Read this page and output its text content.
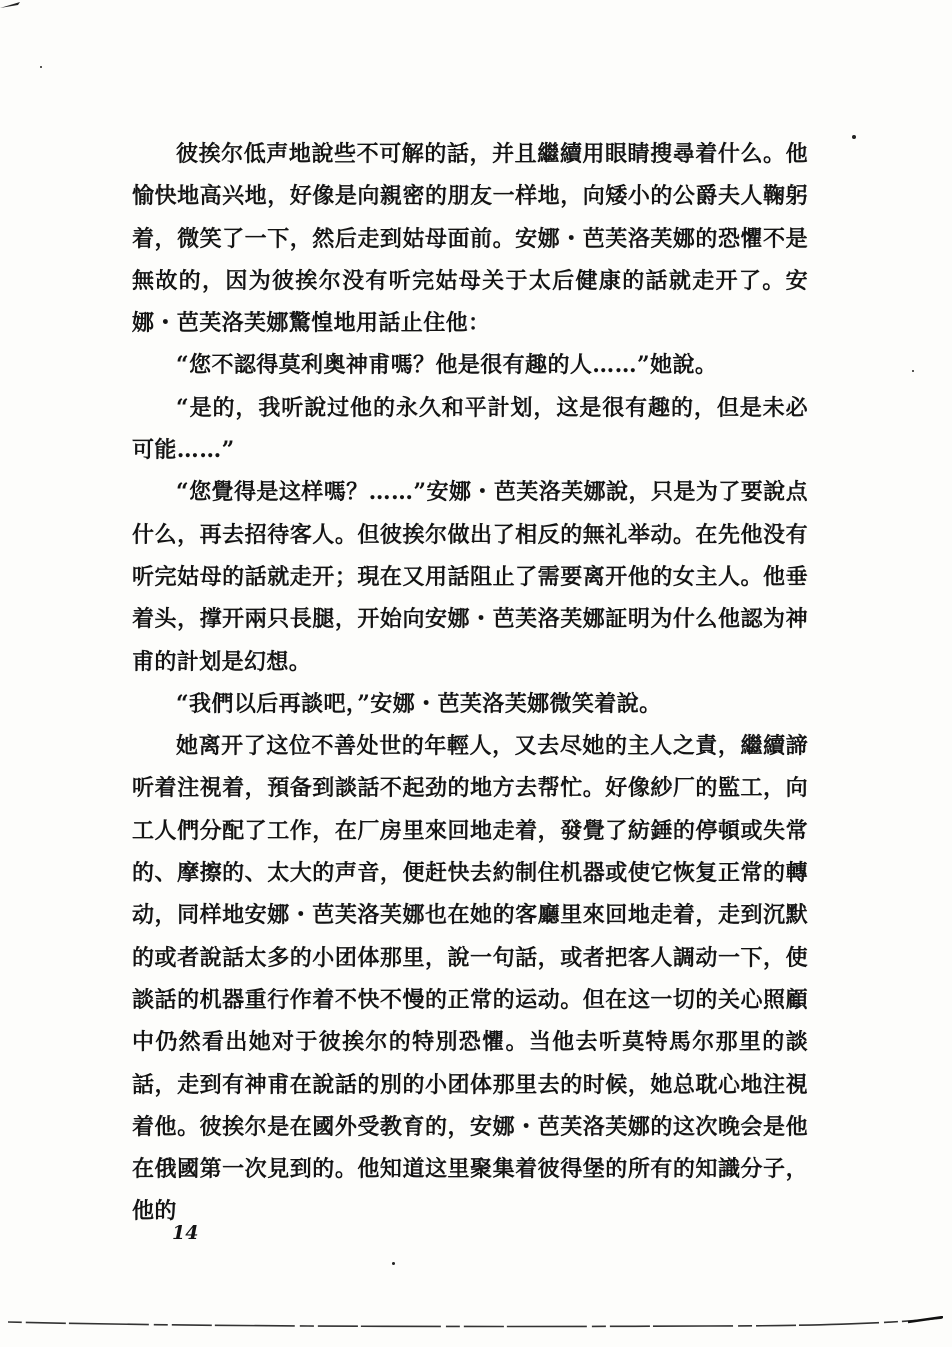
彼挨尔低声地說些不可解的話，并且繼續用眼睛搜尋着什么。他愉快地高兴地，好像是向親密的朋友一样地，向矮小的公爵夫人鞠躬着，微笑了一下，然后走到姑母面前。安娜・芭芙洛芙娜的恐懼不是無故的，因为彼挨尔没有听完姑母关于太后健康的話就走开了。安娜・芭芙洛芙娜驚惶地用話止住他：

“您不認得莫利奥神甫嗎？他是很有趣的人……”她說。

“是的，我听說过他的永久和平計划，这是很有趣的，但是未必可能……”

“您覺得是这样嗎？……”安娜・芭芙洛芙娜說，只是为了要說点什么，再去招待客人。但彼挨尔做出了相反的無礼举动。在先他没有听完姑母的話就走开；現在又用話阻止了需要离开他的女主人。他垂着头，撑开兩只長腿，开始向安娜・芭芙洛芙娜証明为什么他認为神甫的計划是幻想。

“我們以后再談吧，”安娜・芭芙洛芙娜微笑着說。

她离开了这位不善处世的年輕人，又去尽她的主人之責，繼續諦听着注視着，預备到談話不起劲的地方去帮忙。好像紗厂的監工，向工人們分配了工作，在厂房里來回地走着，發覺了紡錘的停頓或失常的、摩擦的、太大的声音，便赶快去約制住机器或使它恢复正常的轉动，同样地安娜・芭芙洛芙娜也在她的客廳里來回地走着，走到沉默的或者說話太多的小团体那里，說一句話，或者把客人調动一下，使談話的机器重行作着不快不慢的正常的运动。但在这一切的关心照顧中仍然看出她对于彼挨尔的特別恐懼。当他去听莫特馬尔那里的談話，走到有神甫在說話的別的小团体那里去的时候，她总耽心地注視着他。彼挨尔是在國外受教育的，安娜・芭芙洛芙娜的这次晚会是他在俄國第一次見到的。他知道这里聚集着彼得堡的所有的知識分子，他的

14
